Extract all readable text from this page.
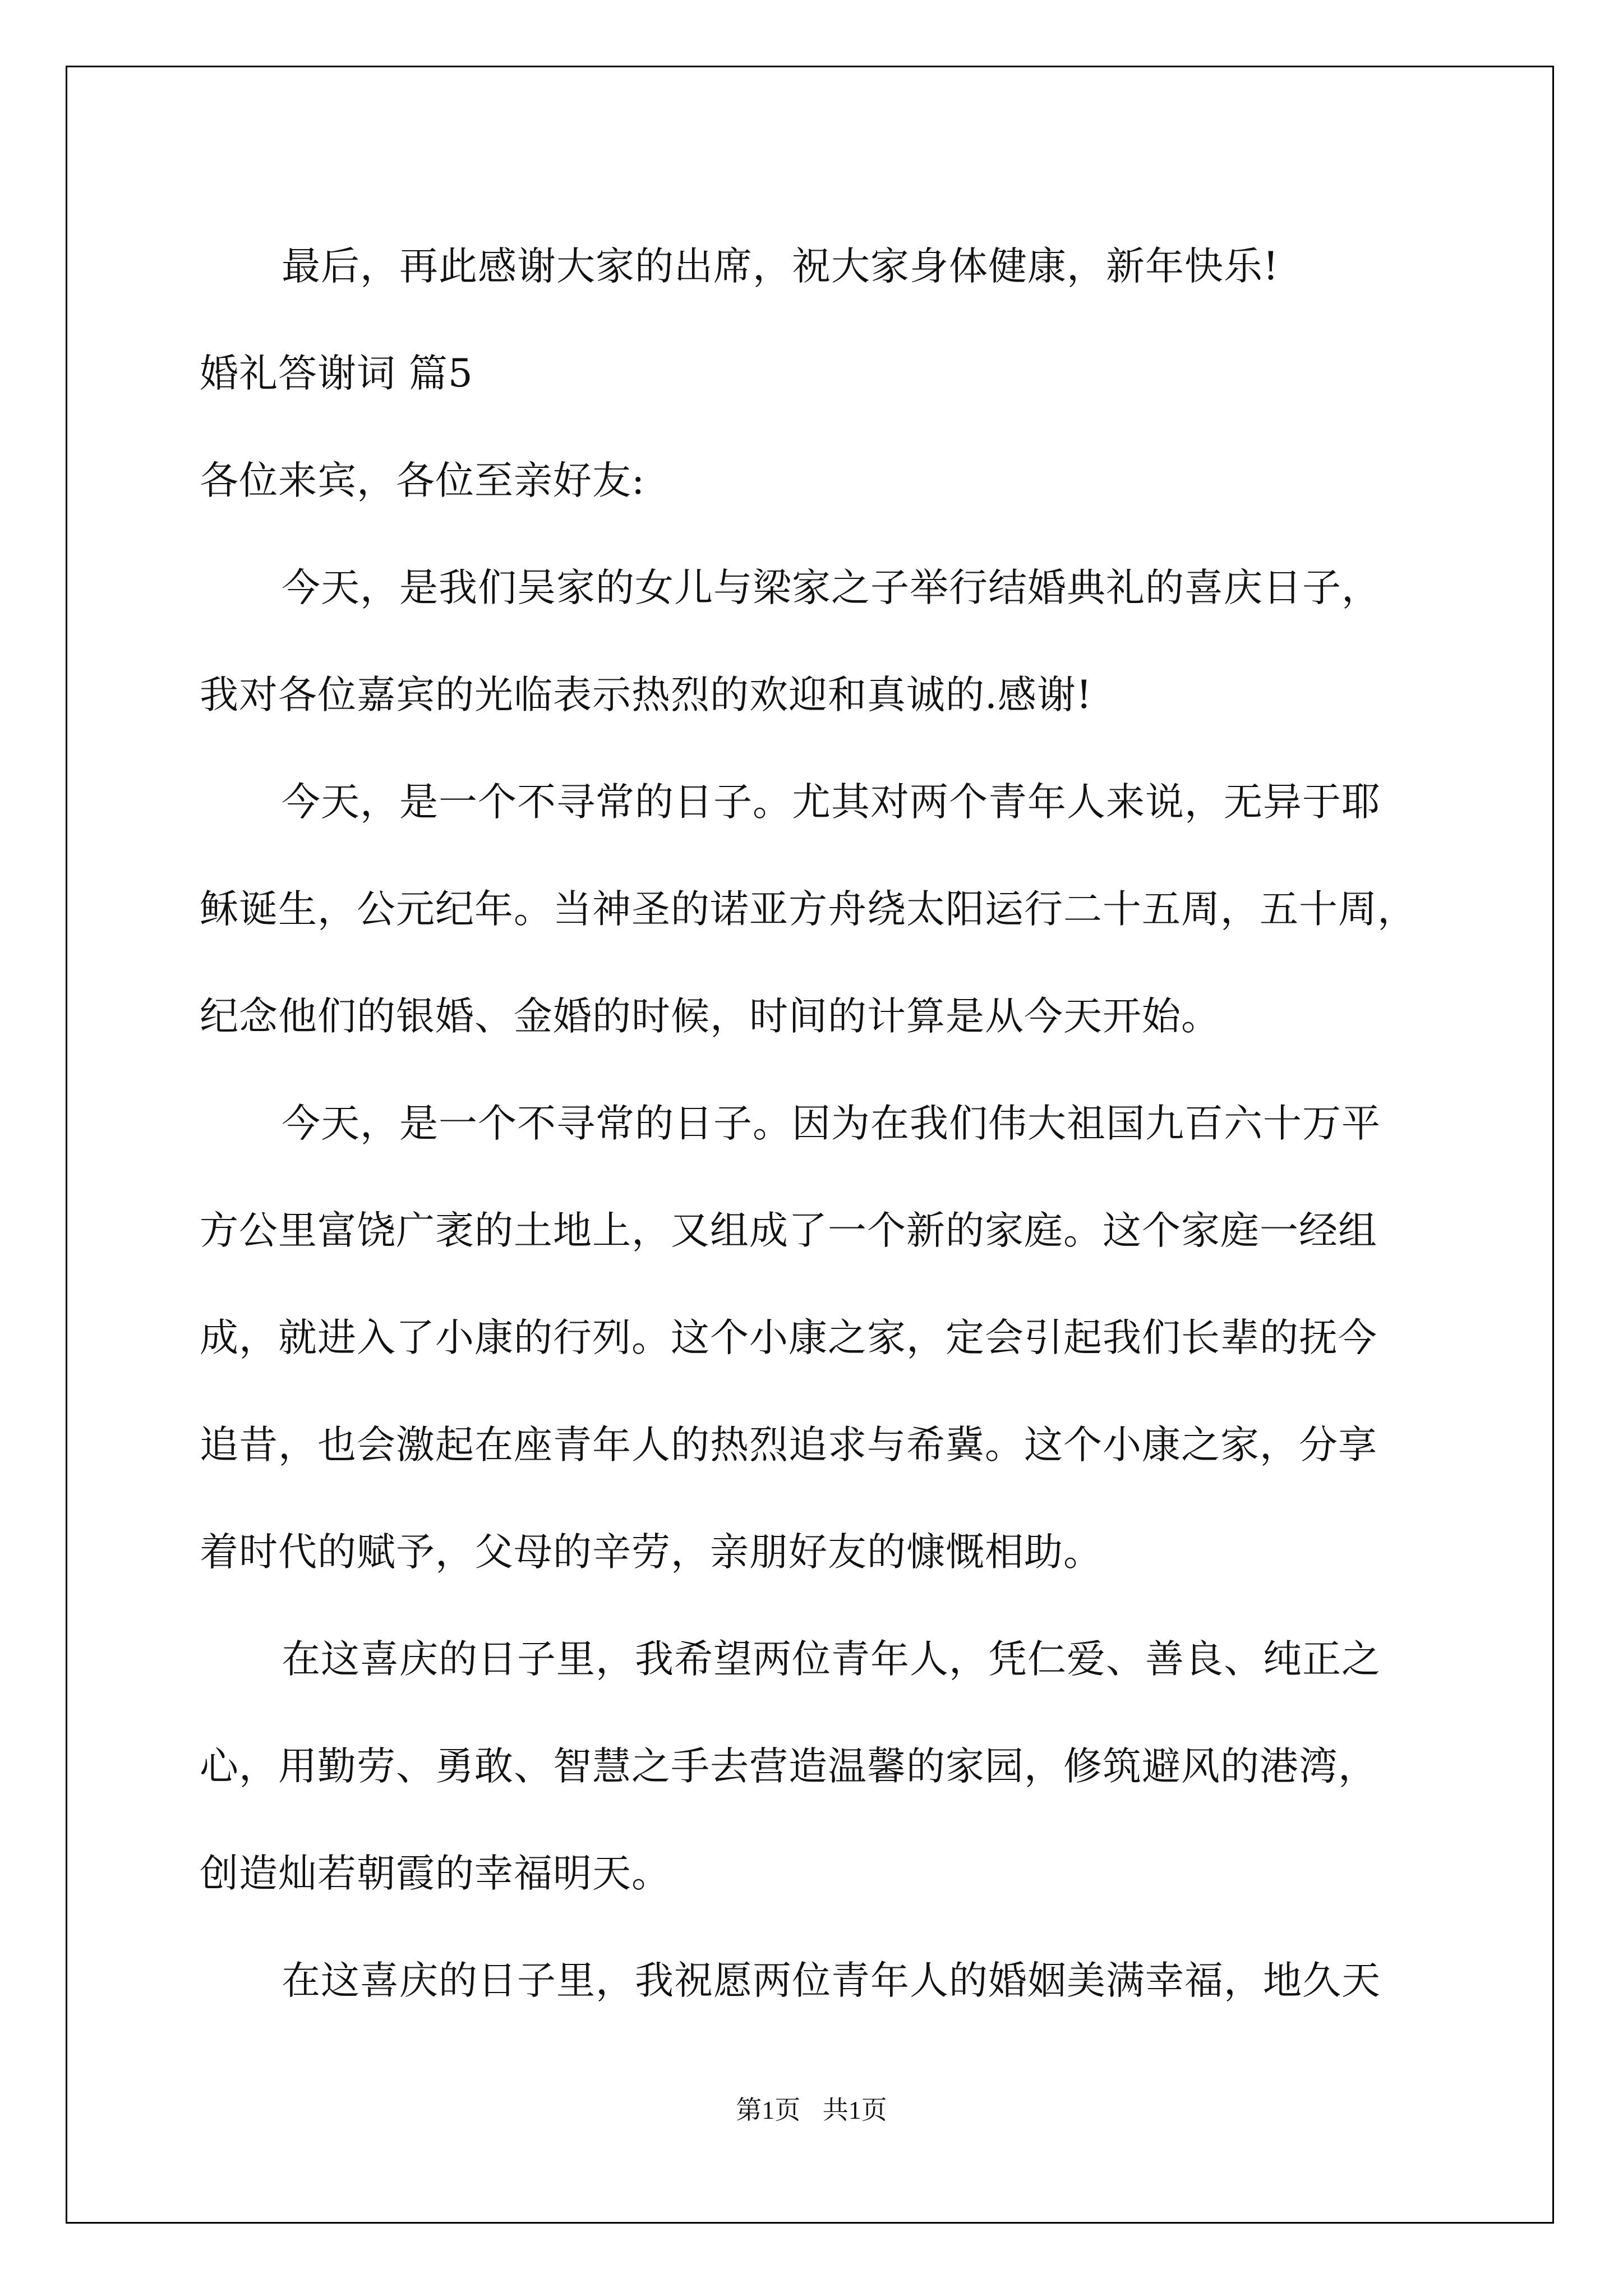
最后，再此感谢大家的出席，祝大家身体健康，新年快乐!
婚礼答谢词 篇5
各位来宾，各位至亲好友:
今天，是我们吴家的女儿与梁家之子举行结婚典礼的喜庆日子，
我对各位嘉宾的光临表示热烈的欢迎和真诚的.感谢!
今天，是一个不寻常的日子。尤其对两个青年人来说，无异于耶
稣诞生，公元纪年。当神圣的诺亚方舟绕太阳运行二十五周，五十周，
纪念他们的银婚、金婚的时候，时间的计算是从今天开始。
今天，是一个不寻常的日子。因为在我们伟大祖国九百六十万平
方公里富饶广袤的土地上，又组成了一个新的家庭。这个家庭一经组
成，就进入了小康的行列。这个小康之家，定会引起我们长辈的抚今
追昔，也会激起在座青年人的热烈追求与希冀。这个小康之家，分享
着时代的赋予，父母的辛劳，亲朋好友的慷慨相助。
在这喜庆的日子里，我希望两位青年人，凭仁爱、善良、纯正之
心，用勤劳、勇敢、智慧之手去营造温馨的家园，修筑避风的港湾，
创造灿若朝霞的幸福明天。
在这喜庆的日子里，我祝愿两位青年人的婚姻美满幸福，地久天
第1页 共1页
